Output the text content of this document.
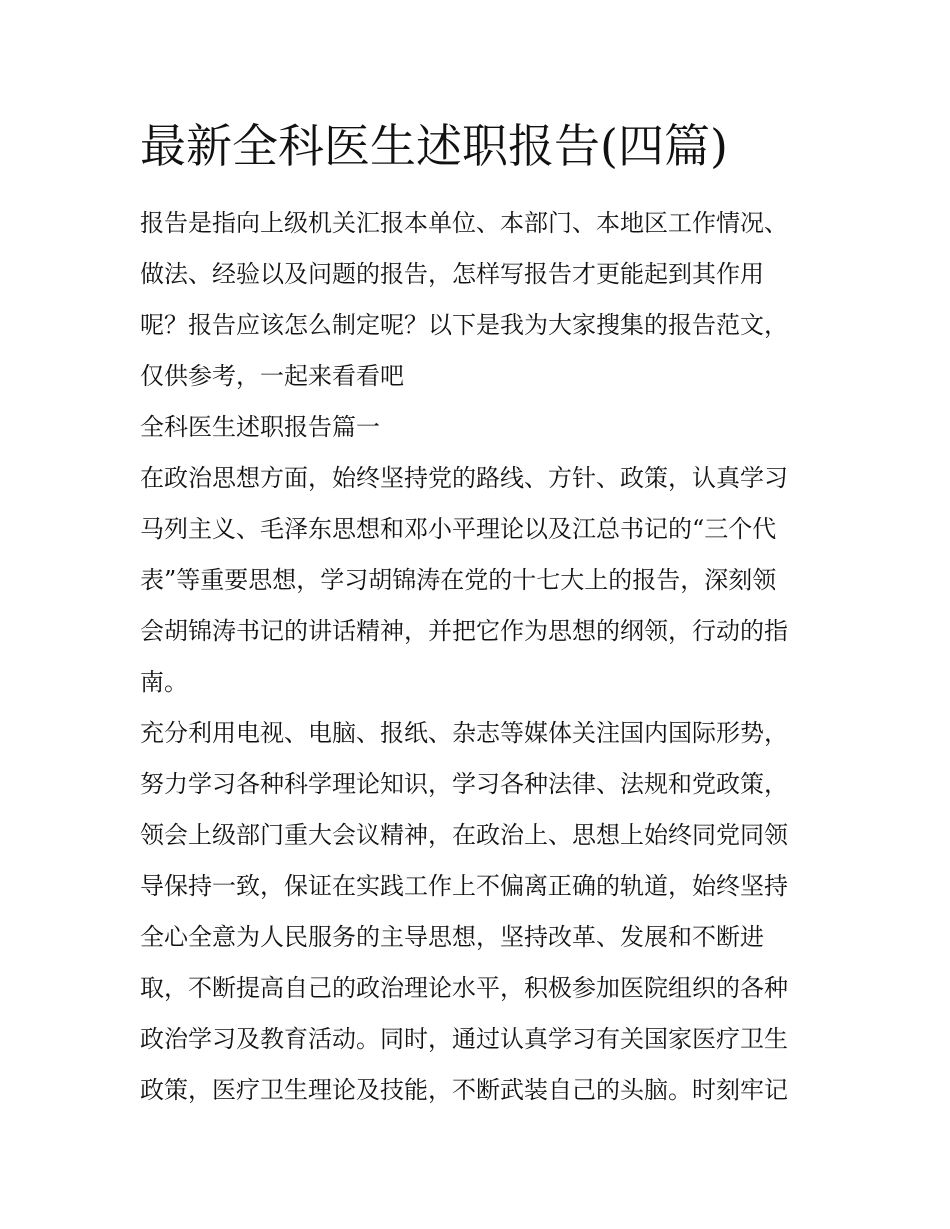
最新全科医生述职报告(四篇)
报告是指向上级机关汇报本单位、本部门、本地区工作情况、
做法、经验以及问题的报告，怎样写报告才更能起到其作用
呢？报告应该怎么制定呢？以下是我为大家搜集的报告范文，
仅供参考，一起来看看吧
全科医生述职报告篇一
在政治思想方面，始终坚持党的路线、方针、政策，认真学习
马列主义、毛泽东思想和邓小平理论以及江总书记的“三个代
表”等重要思想，学习胡锦涛在党的十七大上的报告，深刻领
会胡锦涛书记的讲话精神，并把它作为思想的纲领，行动的指
南。
充分利用电视、电脑、报纸、杂志等媒体关注国内国际形势，
努力学习各种科学理论知识，学习各种法律、法规和党政策，
领会上级部门重大会议精神，在政治上、思想上始终同党同领
导保持一致，保证在实践工作上不偏离正确的轨道，始终坚持
全心全意为人民服务的主导思想，坚持改革、发展和不断进
取，不断提高自己的政治理论水平，积极参加医院组织的各种
政治学习及教育活动。同时，通过认真学习有关国家医疗卫生
政策，医疗卫生理论及技能，不断武装自己的头脑。时刻牢记
